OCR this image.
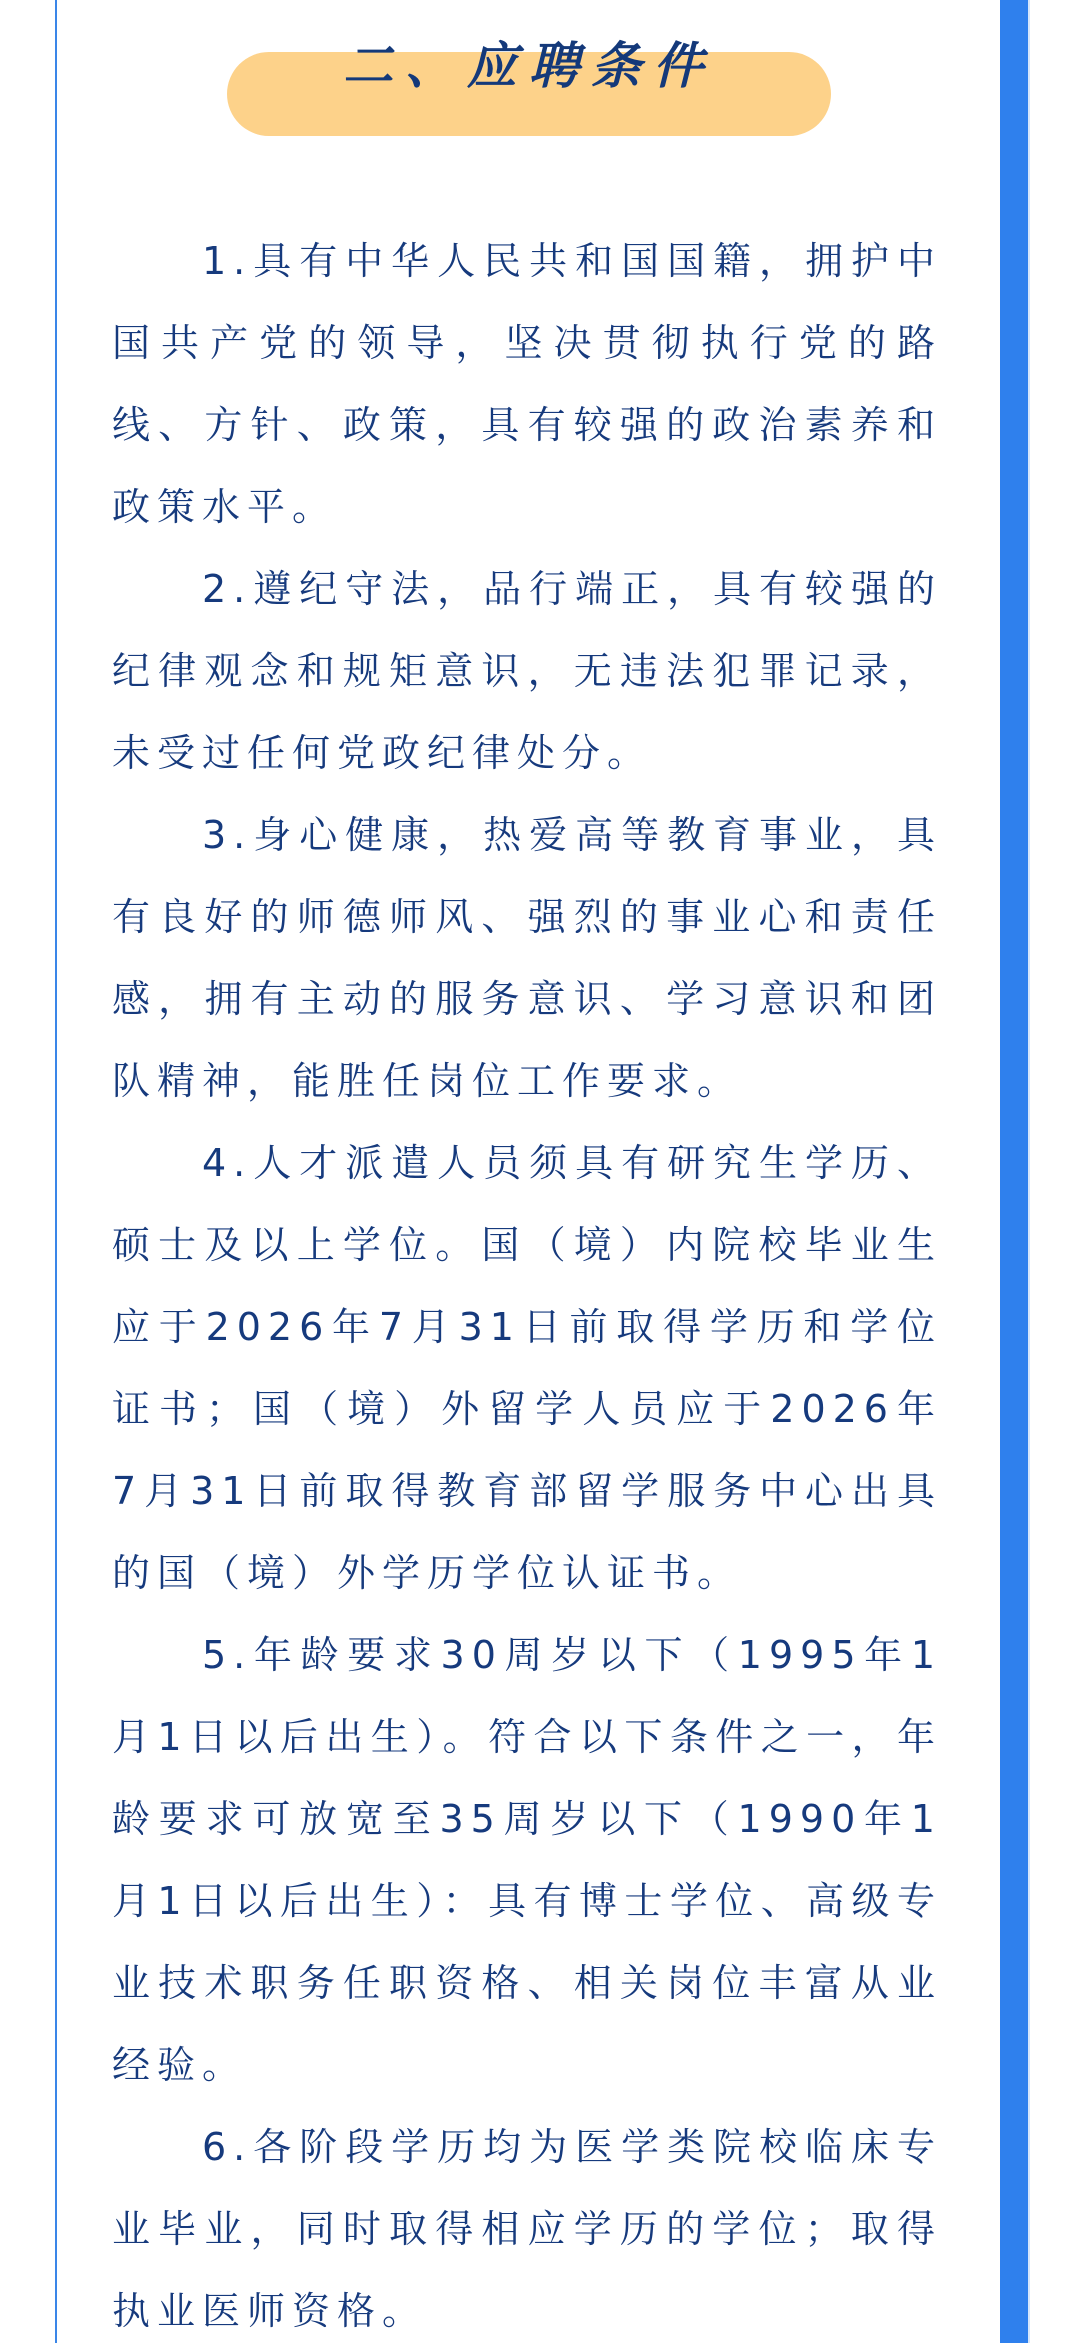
二、应聘条件

1.具有中华人民共和国国籍，拥护中国共产党的领导，坚决贯彻执行党的路线、方针、政策，具有较强的政治素养和政策水平。

2.遵纪守法，品行端正，具有较强的纪律观念和规矩意识，无违法犯罪记录，未受过任何党政纪律处分。

3.身心健康，热爱高等教育事业，具有良好的师德师风、强烈的事业心和责任感，拥有主动的服务意识、学习意识和团队精神，能胜任岗位工作要求。

4.人才派遣人员须具有研究生学历、硕士及以上学位。国（境）内院校毕业生应于2026年7月31日前取得学历和学位证书；国（境）外留学人员应于2026年7月31日前取得教育部留学服务中心出具的国（境）外学历学位认证书。

5.年龄要求30周岁以下（1995年1月1日以后出生）。符合以下条件之一，年龄要求可放宽至35周岁以下（1990年1月1日以后出生）：具有博士学位、高级专业技术职务任职资格、相关岗位丰富从业经验。

6.各阶段学历均为医学类院校临床专业毕业，同时取得相应学历的学位；取得执业医师资格。
